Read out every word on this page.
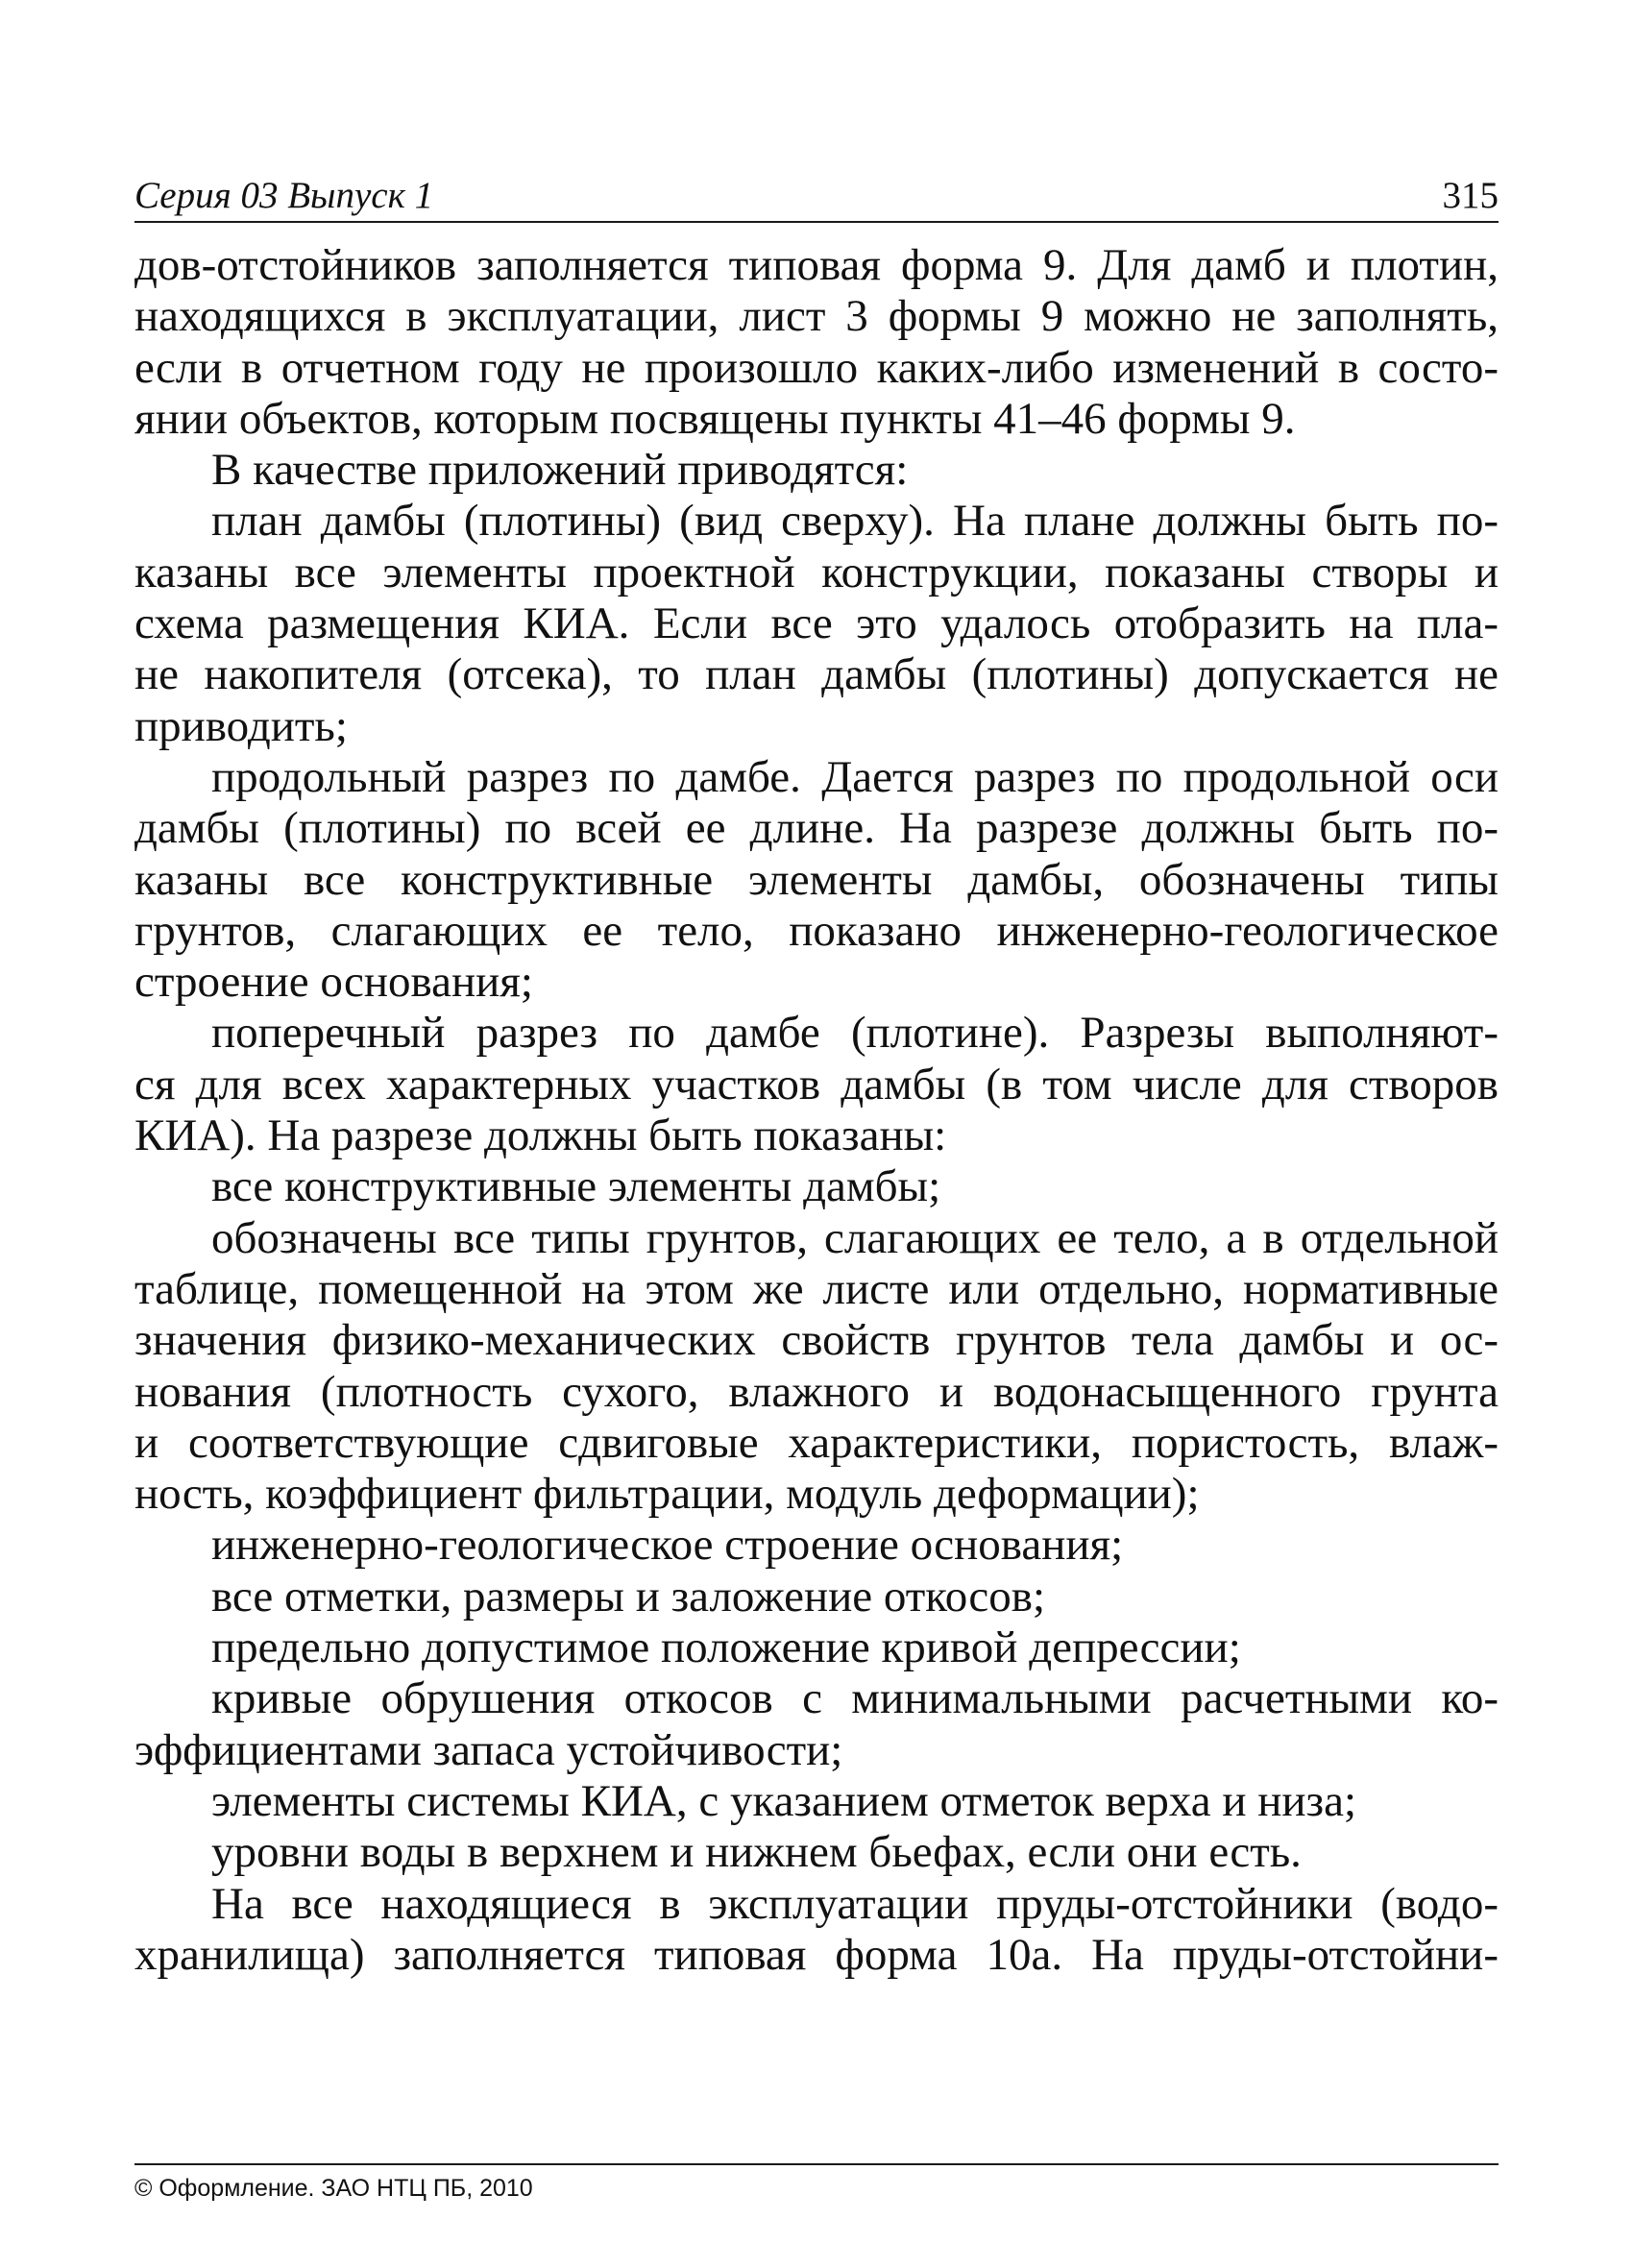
Серия 03 Выпуск 1	315
дов-отстойников заполняется типовая форма 9. Для дамб и плотин,
находящихся в эксплуатации, лист 3 формы 9 можно не заполнять,
если в отчетном году не произошло каких-либо изменений в состо-
янии объектов, которым посвящены пункты 41–46 формы 9.
В качестве приложений приводятся:
план дамбы (плотины) (вид сверху). На плане должны быть по-
казаны все элементы проектной конструкции, показаны створы и
схема размещения КИА. Если все это удалось отобразить на пла-
не накопителя (отсека), то план дамбы (плотины) допускается не
приводить;
продольный разрез по дамбе. Дается разрез по продольной оси
дамбы (плотины) по всей ее длине. На разрезе должны быть по-
казаны все конструктивные элементы дамбы, обозначены типы
грунтов, слагающих ее тело, показано инженерно-геологическое
строение основания;
поперечный разрез по дамбе (плотине). Разрезы выполняют-
ся для всех характерных участков дамбы (в том числе для створов
КИА). На разрезе должны быть показаны:
все конструктивные элементы дамбы;
обозначены все типы грунтов, слагающих ее тело, а в отдельной
таблице, помещенной на этом же листе или отдельно, нормативные
значения физико-механических свойств грунтов тела дамбы и ос-
нования (плотность сухого, влажного и водонасыщенного грунта
и соответствующие сдвиговые характеристики, пористость, влаж-
ность, коэффициент фильтрации, модуль деформации);
инженерно-геологическое строение основания;
все отметки, размеры и заложение откосов;
предельно допустимое положение кривой депрессии;
кривые обрушения откосов с минимальными расчетными ко-
эффициентами запаса устойчивости;
элементы системы КИА, с указанием отметок верха и низа;
уровни воды в верхнем и нижнем бьефах, если они есть.
На все находящиеся в эксплуатации пруды-отстойники (водо-
хранилища) заполняется типовая форма 10а. На пруды-отстойни-
© Оформление. ЗАО НТЦ ПБ, 2010
